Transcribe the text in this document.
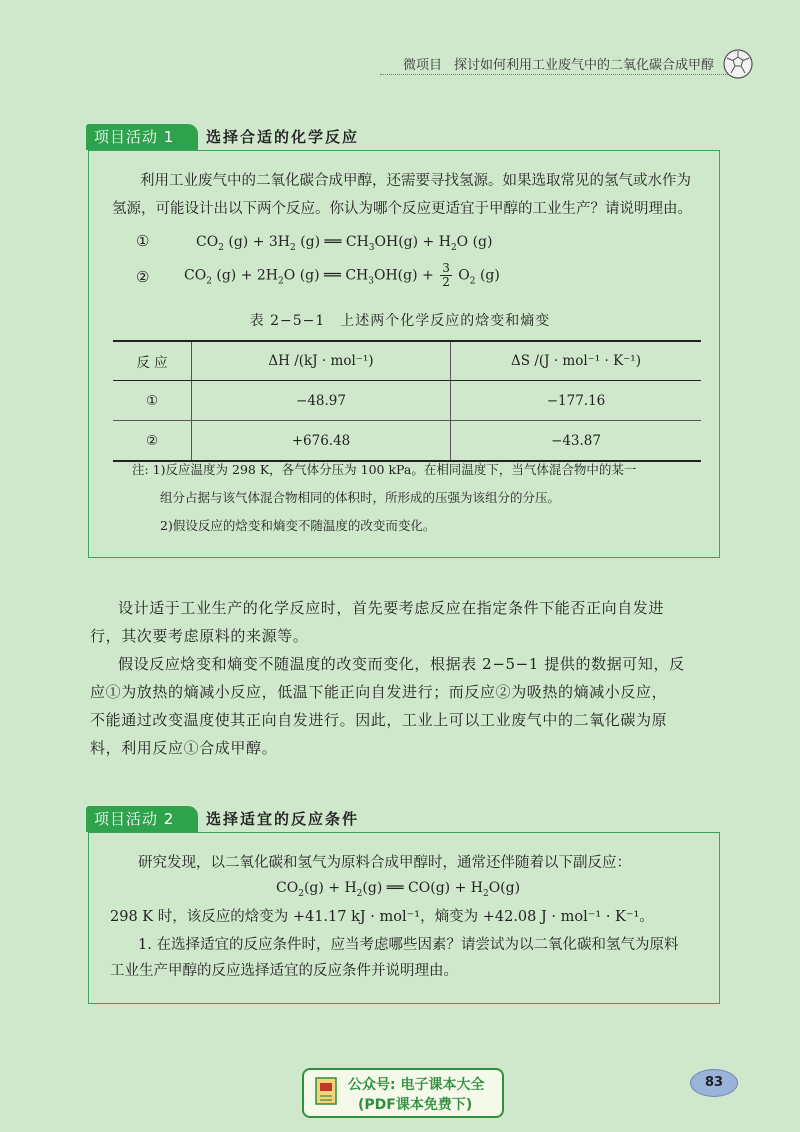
微项目 探讨如何利用工业废气中的二氧化碳合成甲醇
项目活动 1	选择合适的化学反应
利用工业废气中的二氧化碳合成甲醇，还需要寻找氢源。如果选取常见的氢气或水作为
氢源，可能设计出以下两个反应。你认为哪个反应更适宜于甲醇的工业生产？请说明理由。
①	$CO_2$ $(g) + 3H_2$ (g) ══ $CH_3OH(g) + H_2O$ (g)
② $CO_2$ $(g) + 2H_2O$ (g) ══ $CH_3OH(g) + \frac{3}{2} O_2$ (g)
表 2−5−1　上述两个化学反应的焓变和熵变
反 应	ΔH /(kJ · mol⁻¹)	ΔS /(J · mol⁻¹ · K⁻¹)
①	−48.97	−177.16
②	+676.48	−43.87
注: 1)反应温度为 298 K，各气体分压为 100 kPa。在相同温度下，当气体混合物中的某一
组分占据与该气体混合物相同的体积时，所形成的压强为该组分的分压。
2)假设反应的焓变和熵变不随温度的改变而变化。
设计适于工业生产的化学反应时，首先要考虑反应在指定条件下能否正向自发进
行，其次要考虑原料的来源等。
假设反应焓变和熵变不随温度的改变而变化，根据表 2−5−1 提供的数据可知，反
应①为放热的熵减小反应，低温下能正向自发进行；而反应②为吸热的熵减小反应，
不能通过改变温度使其正向自发进行。因此，工业上可以工业废气中的二氧化碳为原
料，利用反应①合成甲醇。
项目活动 2	选择适宜的反应条件
研究发现，以二氧化碳和氢气为原料合成甲醇时，通常还伴随着以下副反应：
$CO_2(g) + H_2(g)$ ══ $CO(g) + H_2O(g)$
298 K 时，该反应的焓变为 +41.17 kJ · mol⁻¹，熵变为 +42.08 J · mol⁻¹ · K⁻¹。
1. 在选择适宜的反应条件时，应当考虑哪些因素？请尝试为以二氧化碳和氢气为原料
工业生产甲醇的反应选择适宜的反应条件并说明理由。
公众号: 电子课本大全
(PDF课本免费下)
83
